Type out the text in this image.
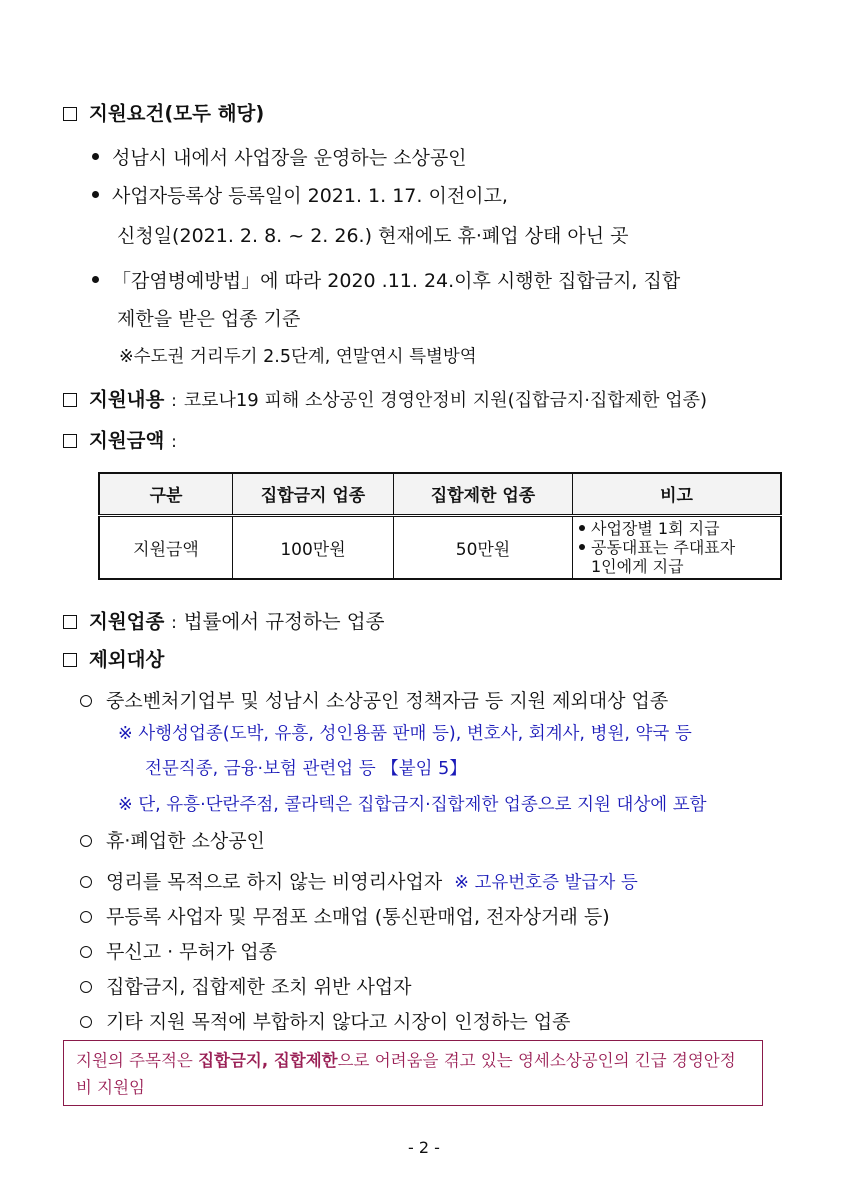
지원요건(모두 해당)
성남시 내에서 사업장을 운영하는 소상공인
사업자등록상 등록일이 2021. 1. 17. 이전이고,
신청일(2021. 2. 8. ~ 2. 26.) 현재에도 휴·폐업 상태 아닌 곳
「감염병예방법」에 따라 2020 .11. 24.이후 시행한 집합금지, 집합
제한을 받은 업종 기준
※수도권 거리두기 2.5단계, 연말연시 특별방역
지원내용 : 코로나19 피해 소상공인 경영안정비 지원(집합금지·집합제한 업종)
지원금액 :
구분	집합금지 업종	집합제한 업종	비고
지원금액	100만원	50만원	사업장별 1회 지급
공동대표는 주대표자
1인에게 지급
지원업종 : 법률에서 규정하는 업종
제외대상
중소벤처기업부 및 성남시 소상공인 정책자금 등 지원 제외대상 업종
※ 사행성업종(도박, 유흥, 성인용품 판매 등), 변호사, 회계사, 병원, 약국 등
전문직종, 금융·보험 관련업 등 【붙임 5】
※ 단, 유흥·단란주점, 콜라텍은 집합금지·집합제한 업종으로 지원 대상에 포함
휴·폐업한 소상공인
영리를 목적으로 하지 않는 비영리사업자 ※ 고유번호증 발급자 등
무등록 사업자 및 무점포 소매업 (통신판매업, 전자상거래 등)
무신고 · 무허가 업종
집합금지, 집합제한 조치 위반 사업자
기타 지원 목적에 부합하지 않다고 시장이 인정하는 업종
지원의 주목적은 집합금지, 집합제한으로 어려움을 겪고 있는 영세소상공인의 긴급 경영안정비 지원임
- 2 -
